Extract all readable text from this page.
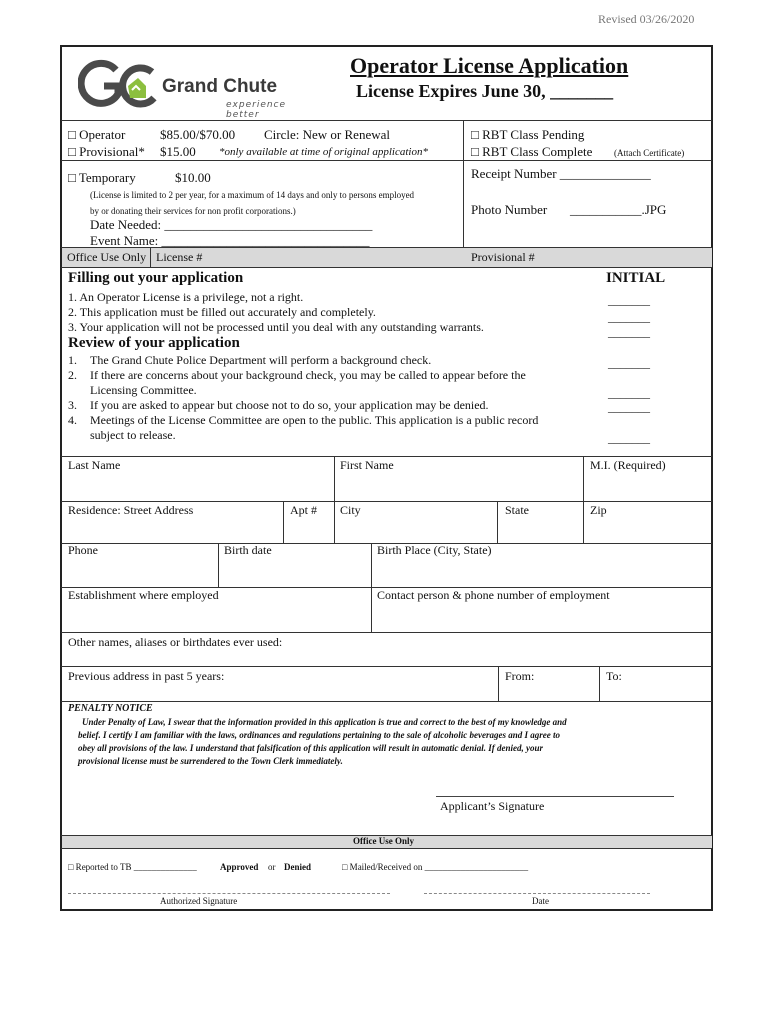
Revised 03/26/2020
Grand Chute
experience better
Operator License Application
License Expires June 30, _______
□ Operator	$85.00/$70.00 Circle: New or Renewal
□ Provisional* $15.00 *only available at time of original application*
□ Temporary	$10.00
(License is limited to 2 per year, for a maximum of 14 days and only to persons employed
by or donating their services for non profit corporations.)
Date Needed: ________________________________
Event Name: ________________________________
□ RBT Class Pending
□ RBT Class Complete (Attach Certificate)
Receipt Number ______________
Photo Number ___________.JPG
Office Use Only License #	Provisional #
Filling out your application	INITIAL
1. An Operator License is a privilege, not a right.
2. This application must be filled out accurately and completely.
3. Your application will not be processed until you deal with any outstanding warrants.
_______
_______
_______
Review of your application
1. The Grand Chute Police Department will perform a background check.
2. If there are concerns about your background check, you may be called to appear before the
Licensing Committee.
3. If you are asked to appear but choose not to do so, your application may be denied.
4. Meetings of the License Committee are open to the public. This application is a public record
subject to release.
_______
_______
_______
_______
Last Name	First Name	M.I. (Required)
Residence: Street Address	Apt # City	State	Zip
Phone	Birth date	Birth Place (City, State)
Establishment where employed	Contact person & phone number of employment
Other names, aliases or birthdates ever used:
Previous address in past 5 years:	From:	To:
PENALTY NOTICE
Under Penalty of Law, I swear that the information provided in this application is true and correct to the best of my knowledge and
belief. I certify I am familiar with the laws, ordinances and regulations pertaining to the sale of alcoholic beverages and I agree to
obey all provisions of the law. I understand that falsification of this application will result in automatic denial. If denied, your
provisional license must be surrendered to the Town Clerk immediately.
Applicant’s Signature
Office Use Only
□ Reported to TB ______________	Approved or Denied	□ Mailed/Received on _______________________
Authorized Signature	Date
